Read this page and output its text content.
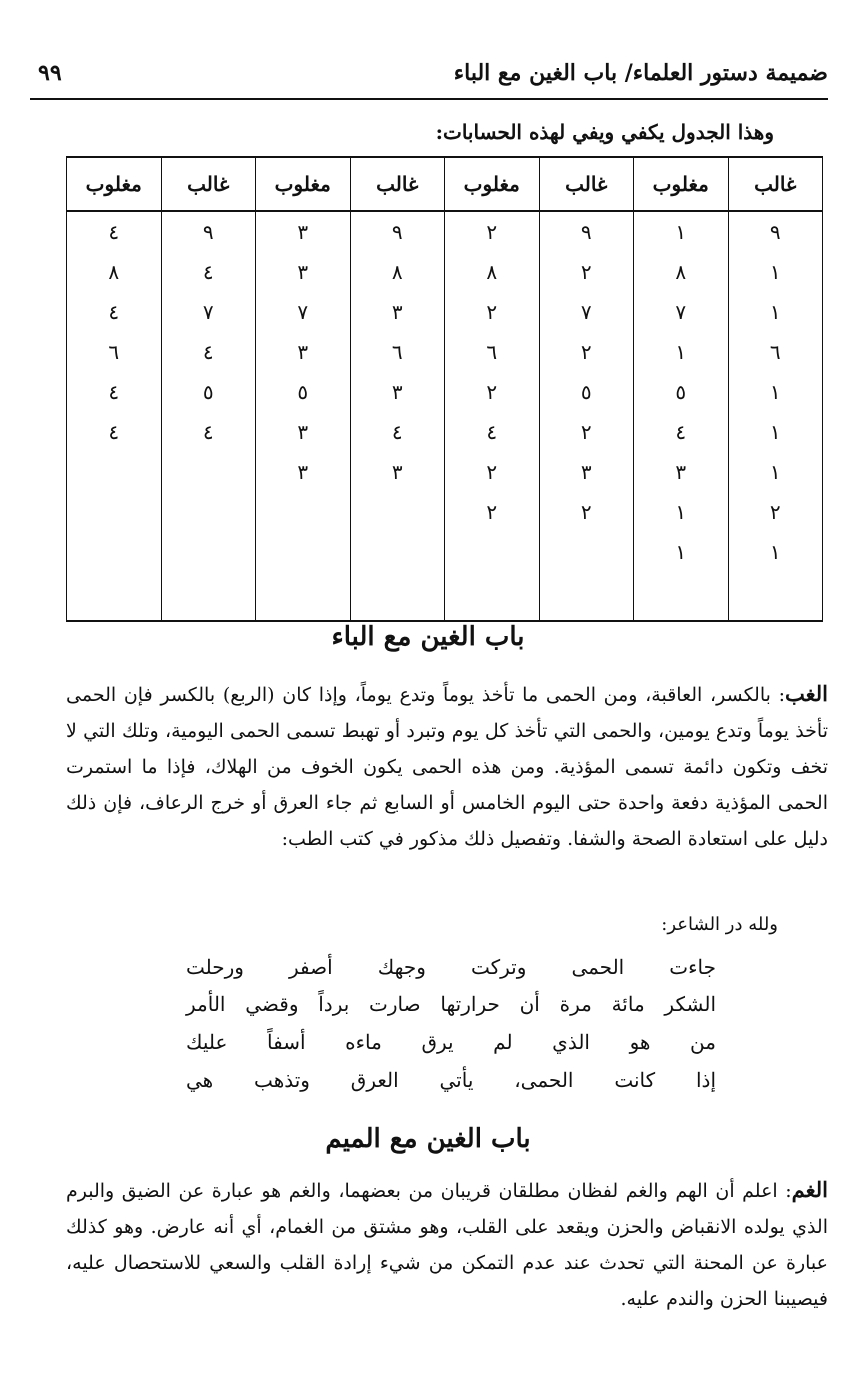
ضميمة دستور العلماء/ باب الغين مع الباء
٩٩
وهذا الجدول يكفي ويفي لهذه الحسابات:
غالب	مغلوب	غالب	مغلوب	غالب	مغلوب	غالب	مغلوب
٩	١	٩	٢	٩	٣	٩	٤
١	٨	٢	٨	٨	٣	٤	٨
١	٧	٧	٢	٣	٧	٧	٤
٦	١	٢	٦	٦	٣	٤	٦
١	٥	٥	٢	٣	٥	٥	٤
١	٤	٢	٤	٤	٣	٤	٤
١	٣	٣	٢	٣	٣		
٢	١	٢	٢				
١	١						

باب الغين مع الباء
الغب: بالكسر، العاقبة، ومن الحمى ما تأخذ يوماً وتدع يوماً، وإذا كان (الربع) بالكسر فإن الحمى تأخذ يوماً وتدع يومين، والحمى التي تأخذ كل يوم وتبرد أو تهبط تسمى الحمى اليومية، وتلك التي لا تخف وتكون دائمة تسمى المؤذية. ومن هذه الحمى يكون الخوف من الهلاك، فإذا ما استمرت الحمى المؤذية دفعة واحدة حتى اليوم الخامس أو السابع ثم جاء العرق أو خرج الرعاف، فإن ذلك دليل على استعادة الصحة والشفا. وتفصيل ذلك مذكور في كتب الطب:
ولله در الشاعر:
جاءت الحمى وتركت وجهك أصفر ورحلت
الشكر مائة مرة أن حرارتها صارت برداً وقضي الأمر
من هو الذي لم يرق ماءه أسفاً عليك
إذا كانت الحمى، يأتي العرق وتذهب هي
باب الغين مع الميم
الغم: اعلم أن الهم والغم لفظان مطلقان قريبان من بعضهما، والغم هو عبارة عن الضيق والبرم الذي يولده الانقباض والحزن ويقعد على القلب، وهو مشتق من الغمام، أي أنه عارض. وهو كذلك عبارة عن المحنة التي تحدث عند عدم التمكن من شيء إرادة القلب والسعي للاستحصال عليه، فيصيبنا الحزن والندم عليه.
